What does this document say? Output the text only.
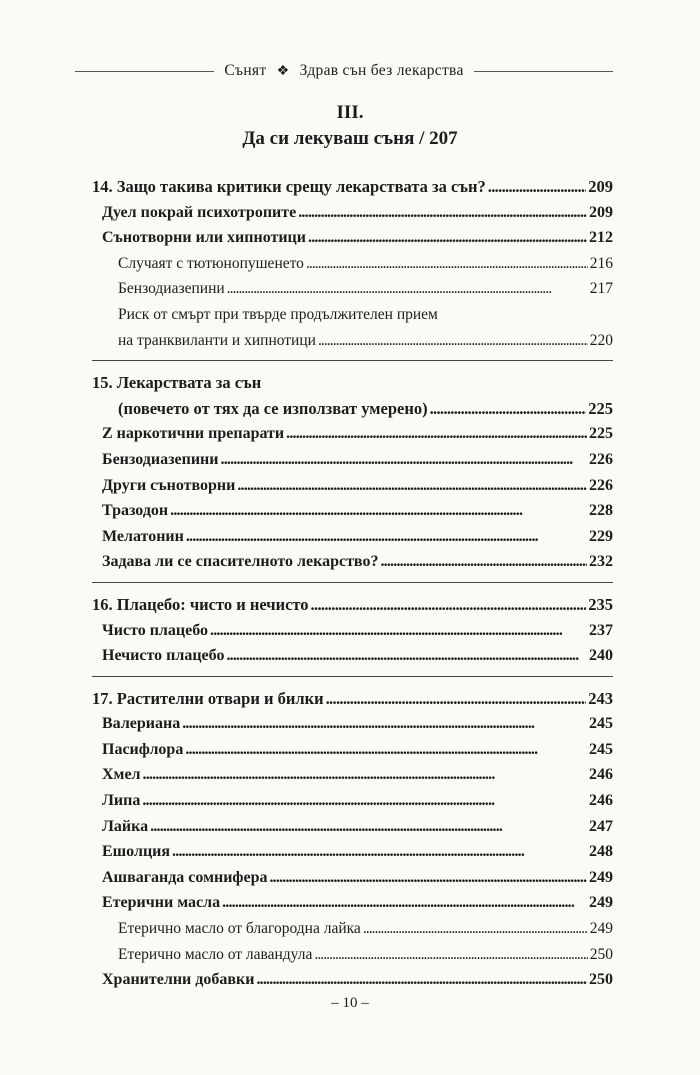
Сънят ❖ Здрав сън без лекарства
III.
Да си лекуваш съня / 207
14. Защо такива критики срещу лекарствата за сън? . . .	209
Дуел покрай психотропите . . .	209
Сънотворни или хипнотици . . .	212
Случаят с тютюнопушенето . . .	216
Бензодиазепини . . .	217
Риск от смърт при твърде продължителен прием
на транквиланти и хипнотици . . .	220
15. Лекарствата за сън
(повечето от тях да се използват умерено) . . .	225
Z наркотични препарати . . .	225
Бензодиазепини . . .	226
Други сънотворни . . .	226
Тразодон . . .	228
Мелатонин . . .	229
Задава ли се спасителното лекарство? . . .	232
16. Плацебо: чисто и нечисто . . .	235
Чисто плацебо . . .	237
Нечисто плацебо . . .	240
17. Растителни отвари и билки . . .	243
Валериана . . .	245
Пасифлора . . .	245
Хмел . . .	246
Липа . . .	246
Лайка . . .	247
Ешолция . . .	248
Ашваганда сомнифера . . .	249
Етерични масла . . .	249
Етерично масло от благородна лайка . . .	249
Етерично масло от лавандула . . .	250
Хранителни добавки . . .	250
– 10 –
